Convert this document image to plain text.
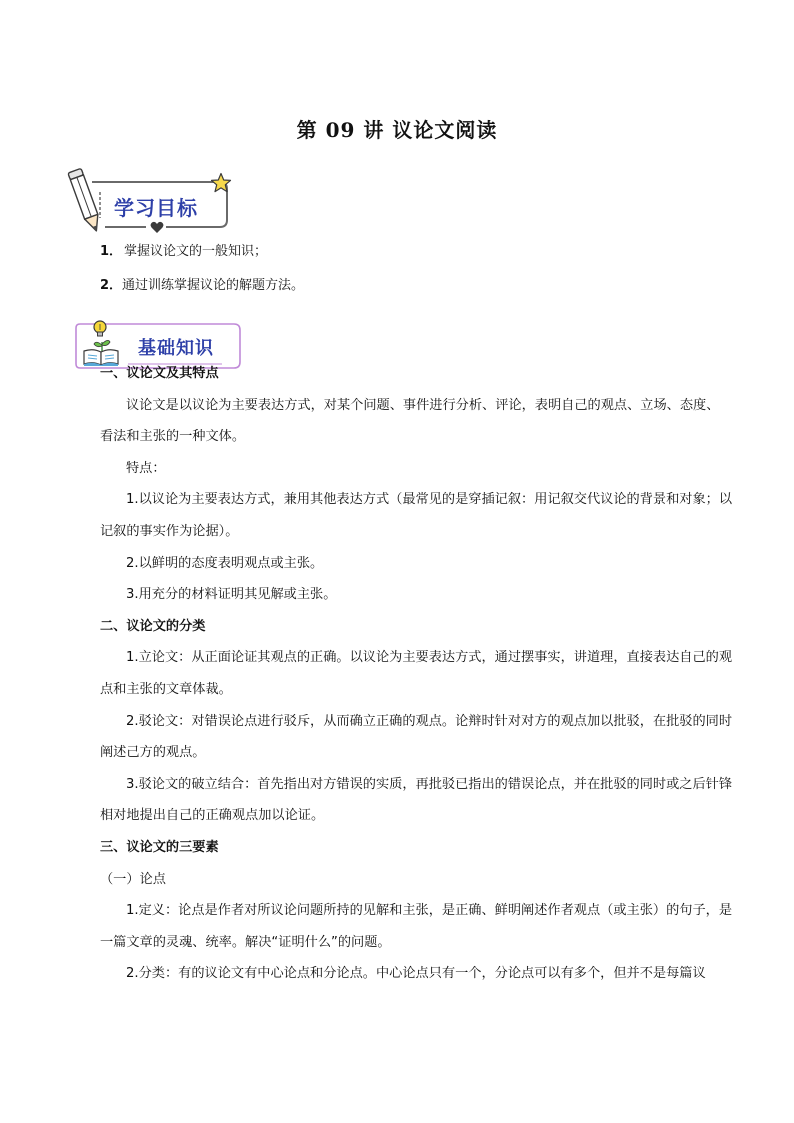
第 09 讲 议论文阅读
学习目标
1． 掌握议论文的一般知识；
2．通过训练掌握议论的解题方法。
基础知识

一、议论文及其特点

议论文是以议论为主要表达方式，对某个问题、事件进行分析、评论，表明自己的观点、立场、态度、看法和主张的一种文体。

特点：

1.以议论为主要表达方式，兼用其他表达方式（最常见的是穿插记叙：用记叙交代议论的背景和对象；以记叙的事实作为论据）。

2.以鲜明的态度表明观点或主张。

3.用充分的材料证明其见解或主张。

二、议论文的分类

1.立论文：从正面论证其观点的正确。以议论为主要表达方式，通过摆事实，讲道理，直接表达自己的观点和主张的文章体裁。

2.驳论文：对错误论点进行驳斥，从而确立正确的观点。论辩时针对对方的观点加以批驳，在批驳的同时阐述己方的观点。

3.驳论文的破立结合：首先指出对方错误的实质，再批驳已指出的错误论点，并在批驳的同时或之后针锋相对地提出自己的正确观点加以论证。

三、议论文的三要素

（一）论点

1.定义：论点是作者对所议论问题所持的见解和主张，是正确、鲜明阐述作者观点（或主张）的句子，是一篇文章的灵魂、统率。解决“证明什么”的问题。

2.分类：有的议论文有中心论点和分论点。中心论点只有一个，分论点可以有多个，但并不是每篇议
